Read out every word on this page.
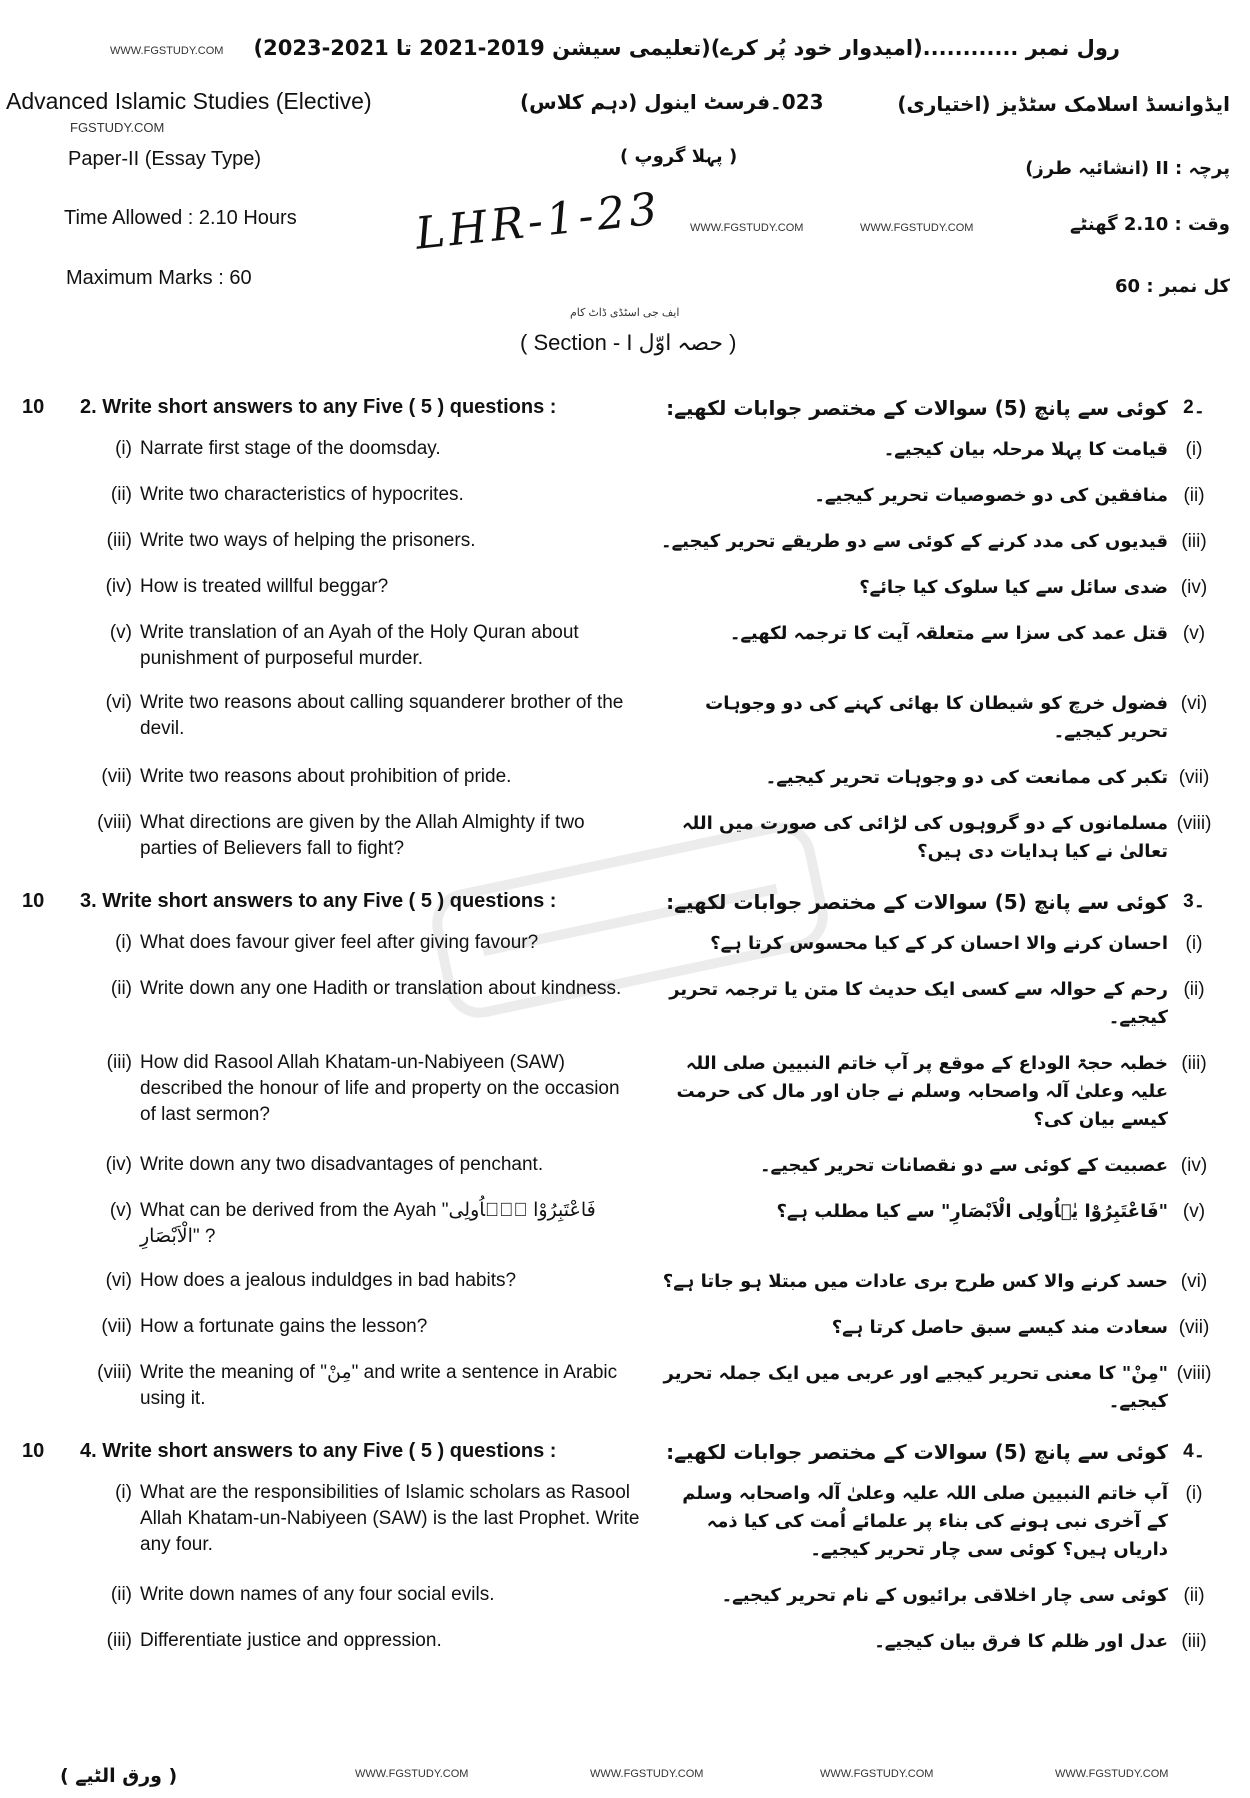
رول نمبر ............(امیدوار خود پُر کرے)(تعلیمی سیشن 2019-2021 تا 2021-2023)
WWW.FGSTUDY.COM
Advanced Islamic Studies (Elective)
FGSTUDY.COM
023۔فرسٹ اینول (دہم کلاس)	ایڈوانسڈ اسلامک سٹڈیز (اختیاری)
Paper-II (Essay Type)	( پہلا گروپ )
پرچہ : II (انشائیہ طرز)
LHR-1-23
Time Allowed : 2.10 Hours	WWW.FGSTUDY.COM	WWW.FGSTUDY.COM	وقت : 2.10 گھنٹے
Maximum Marks : 60	کل نمبر : 60
ایف جی اسٹڈی ڈاٹ کام
( Section - I حصہ اوّل )
10	2. Write short answers to any Five ( 5 ) questions :	2۔
کوئی سے پانچ (5) سوالات کے مختصر جوابات لکھیے:
(i) Narrate first stage of the doomsday.	(i)
قیامت کا پہلا مرحلہ بیان کیجیے۔
(ii) Write two characteristics of hypocrites.	(ii)
منافقین کی دو خصوصیات تحریر کیجیے۔
(iii) Write two ways of helping the prisoners.	(iii)
قیدیوں کی مدد کرنے کے کوئی سے دو طریقے تحریر کیجیے۔
(iv) How is treated willful beggar?	(iv)
ضدی سائل سے کیا سلوک کیا جائے؟
(v) Write translation of an Ayah of the Holy Quran about punishment of purposeful murder.
(v)
قتل عمد کی سزا سے متعلقہ آیت کا ترجمہ لکھیے۔
(vi) Write two reasons about calling squanderer brother of the devil.
(vi)
فضول خرچ کو شیطان کا بھائی کہنے کی دو وجوہات تحریر کیجیے۔
(vii) Write two reasons about prohibition of pride.	(vii)
تکبر کی ممانعت کی دو وجوہات تحریر کیجیے۔
(viii) What directions are given by the Allah Almighty if two parties of Believers fall to fight?
(viii)
مسلمانوں کے دو گروہوں کی لڑائی کی صورت میں اللہ تعالیٰ نے کیا ہدایات دی ہیں؟
10	3. Write short answers to any Five ( 5 ) questions :	3۔
کوئی سے پانچ (5) سوالات کے مختصر جوابات لکھیے:
(i) What does favour giver feel after giving favour?	(i)
احسان کرنے والا احسان کر کے کیا محسوس کرتا ہے؟
(ii) Write down any one Hadith or translation about kindness.	(ii)
رحم کے حوالہ سے کسی ایک حدیث کا متن یا ترجمہ تحریر کیجیے۔
(iii) How did Rasool Allah Khatam-un-Nabiyeen (SAW) described the honour of life and property on the occasion of last sermon?
(iii)
خطبہ حجۃ الوداع کے موقع پر آپ خاتم النبیین صلی اللہ علیہ وعلیٰ آلہ واصحابہ وسلم نے جان اور مال کی حرمت کیسے بیان کی؟
(iv) Write down any two disadvantages of penchant.	(iv)
عصبیت کے کوئی سے دو نقصانات تحریر کیجیے۔
(v) What can be derived from the Ayah "فَاعْتَبِرُوْا یٰۤاُولِی الْاَبْصَارِ" ?
(v)
"فَاعْتَبِرُوْا یٰۤاُولِی الْاَبْصَارِ" سے کیا مطلب ہے؟
(vi) How does a jealous induldges in bad habits?	(vi)
حسد کرنے والا کس طرح بری عادات میں مبتلا ہو جاتا ہے؟
(vii) How a fortunate gains the lesson?	(vii)
سعادت مند کیسے سبق حاصل کرتا ہے؟
(viii) Write the meaning of "مِنْ" and write a sentence in Arabic using it.
(viii)
"مِنْ" کا معنی تحریر کیجیے اور عربی میں ایک جملہ تحریر کیجیے۔
10	4. Write short answers to any Five ( 5 ) questions :	4۔
کوئی سے پانچ (5) سوالات کے مختصر جوابات لکھیے:
(i) What are the responsibilities of Islamic scholars as Rasool Allah Khatam-un-Nabiyeen (SAW) is the last Prophet. Write any four.
(i)
آپ خاتم النبیین صلی اللہ علیہ وعلیٰ آلہ واصحابہ وسلم کے آخری نبی ہونے کی بناء پر علمائے اُمت کی کیا ذمہ داریاں ہیں؟ کوئی سی چار تحریر کیجیے۔
(ii) Write down names of any four social evils.	(ii)
کوئی سی چار اخلاقی برائیوں کے نام تحریر کیجیے۔
(iii) Differentiate justice and oppression.	(iii)
عدل اور ظلم کا فرق بیان کیجیے۔
WWW.FGSTUDY.COM	WWW.FGSTUDY.COM	WWW.FGSTUDY.COM	WWW.FGSTUDY.COM
( ورق الٹیے )
